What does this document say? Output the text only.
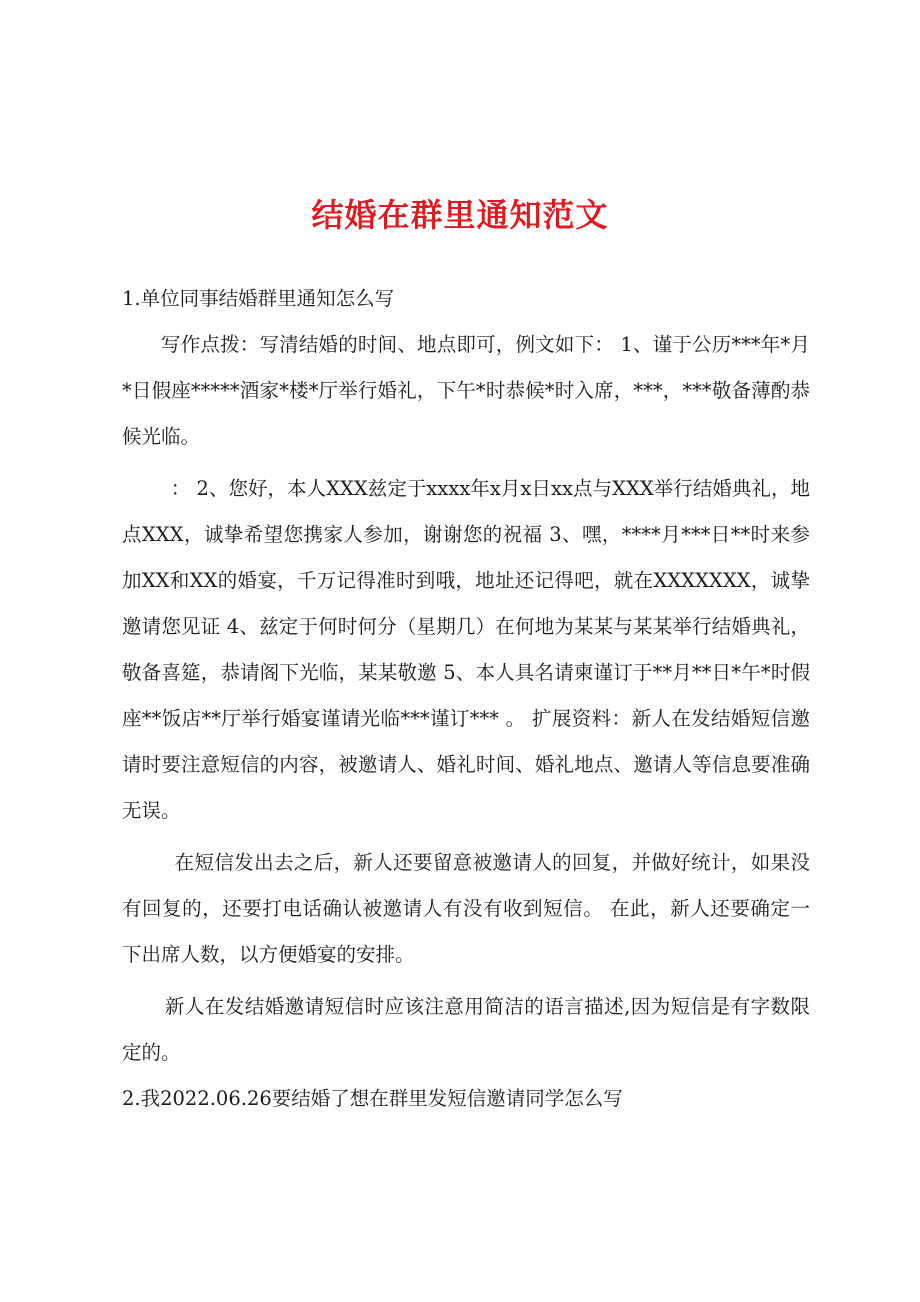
结婚在群里通知范文

1.单位同事结婚群里通知怎么写

写作点拨：写清结婚的时间、地点即可，例文如下： 1、谨于公历***年*月*日假座*****酒家*楼*厅举行婚礼，下午*时恭候*时入席，***，***敬备薄酌恭候光临。

： 2、您好，本人XXX兹定于xxxx年x月x日xx点与XXX举行结婚典礼，地点XXX，诚挚希望您携家人参加，谢谢您的祝福 3、嘿，****月***日**时来参加XX和XX的婚宴，千万记得准时到哦，地址还记得吧，就在XXXXXXX，诚挚邀请您见证 4、兹定于何时何分（星期几）在何地为某某与某某举行结婚典礼，敬备喜筵，恭请阁下光临，某某敬邀 5、本人具名请柬谨订于**月**日*午*时假座**饭店**厅举行婚宴谨请光临***谨订*** 。 扩展资料：新人在发结婚短信邀请时要注意短信的内容，被邀请人、婚礼时间、婚礼地点、邀请人等信息要准确无误。

在短信发出去之后，新人还要留意被邀请人的回复，并做好统计，如果没有回复的，还要打电话确认被邀请人有没有收到短信。 在此，新人还要确定一下出席人数，以方便婚宴的安排。

新人在发结婚邀请短信时应该注意用简洁的语言描述,因为短信是有字数限定的。

2.我2022.06.26要结婚了想在群里发短信邀请同学怎么写
